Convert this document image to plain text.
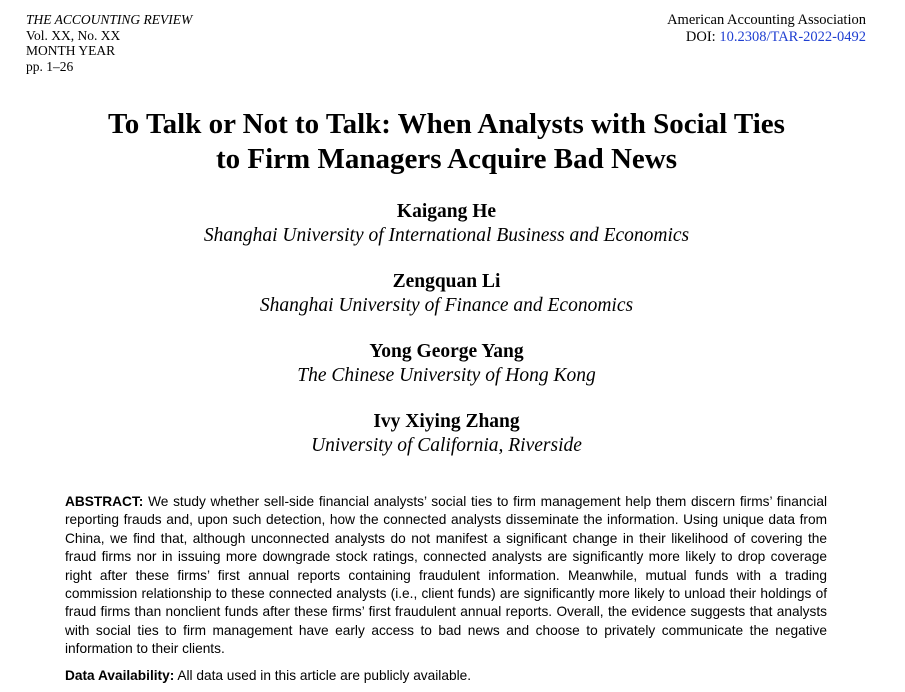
THE ACCOUNTING REVIEW
Vol. XX, No. XX
MONTH YEAR
pp. 1–26
American Accounting Association
DOI: 10.2308/TAR-2022-0492
To Talk or Not to Talk: When Analysts with Social Ties
to Firm Managers Acquire Bad News
Kaigang He
Shanghai University of International Business and Economics
Zengquan Li
Shanghai University of Finance and Economics
Yong George Yang
The Chinese University of Hong Kong
Ivy Xiying Zhang
University of California, Riverside
ABSTRACT: We study whether sell-side financial analysts’ social ties to firm management help them discern firms’ financial reporting frauds and, upon such detection, how the connected analysts disseminate the information. Using unique data from China, we find that, although unconnected analysts do not manifest a significant change in their likelihood of covering the fraud firms nor in issuing more downgrade stock ratings, connected analysts are significantly more likely to drop coverage right after these firms’ first annual reports containing fraudulent information. Meanwhile, mutual funds with a trading commission relationship to these connected analysts (i.e., client funds) are significantly more likely to unload their holdings of fraud firms than nonclient funds after these firms’ first fraudulent annual reports. Overall, the evidence suggests that analysts with social ties to firm management have early access to bad news and choose to privately communicate the negative information to their clients.
Data Availability: All data used in this article are publicly available.
